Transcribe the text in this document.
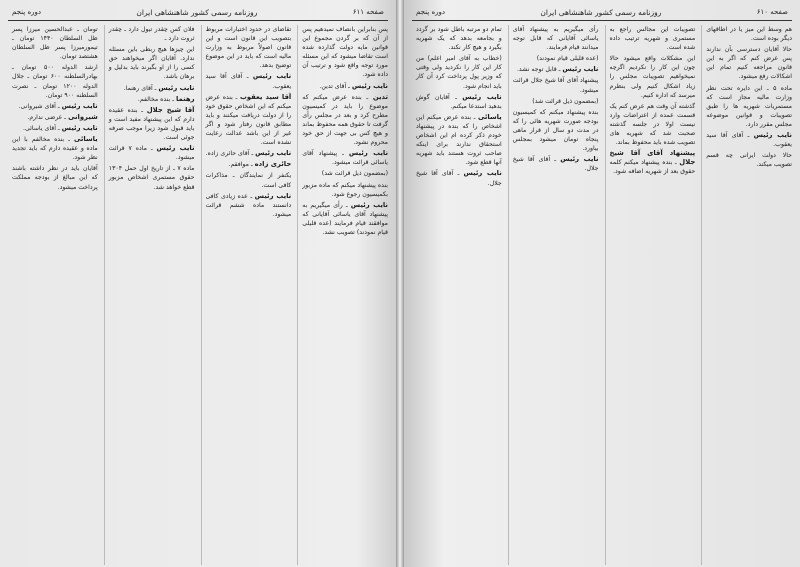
صفحه ۶۱۱
روزنامه رسمی کشور شاهنشاهی ایران
دوره پنجم

پس بنابراین بانصاف نمیدهیم پس از آن که بر گردن مجموع این قوانین مایه دولت گذارده شده است تقاضا میشود که این مسئله مورد توجه واقع شود و ترتیب آن داده شود.

نایب رئیس ـ آقای تدین.

تدین ـ بنده عرض میکنم که موضوع را باید در کمیسیون مطرح کرد و بعد در مجلس رأی گرفت تا حقوق همه محفوظ بماند و هیچ کس بی جهت از حق خود محروم نشود.

نایب رئیس ـ پیشنهاد آقای یاسائی قرائت میشود.

(بمضمون ذیل قرائت شد)

بنده پیشنهاد میکنم که ماده مزبور بکمیسیون رجوع شود.

نایب رئیس ـ رأی میگیریم به پیشنهاد آقای یاسائی آقایانی که موافقند قیام فرمایند (عده قلیلی قیام نمودند) تصویب نشد.

تقاضای در حدود اختیارات مربوط بتصویب این قانون است و این قانون اصولاً مربوط به وزارت مالیه است که باید در این موضوع توضیح بدهد.

نایب رئیس ـ آقای آقا سید یعقوب.

آقا سید یعقوب ـ بنده عرض میکنم که این اشخاص حقوق خود را از دولت دریافت میکنند و باید مطابق قانون رفتار شود و اگر غیر از این باشد عدالت رعایت نشده است.

نایب رئیس ـ آقای حائری زاده.

حائری زاده ـ موافقم.

یکنفر از نمایندگان ـ مذاکرات کافی است.

نایب رئیس ـ عده زیادی کافی دانستند ماده ششم قرائت میشود.

فلان کس چقدر تیول دارد ـ چقدر ثروت دارد ـ

این چیزها هیچ ربطی باین مسئله ندارد. آقایان اگر میخواهند حق کسی را از او بگیرند باید بدلیل و برهان باشد.

نایب رئیس ـ آقای رهنما.

رهنما ـ بنده مخالفم.

آقا شیخ جلال ـ بنده عقیده دارم که این پیشنهاد مفید است و باید قبول شود زیرا موجب صرفه جوئی است.

نایب رئیس ـ ماده ۷ قرائت میشود.

ماده ۷ ـ از تاریخ اول حمل ۱۳۰۴ حقوق مستمری اشخاص مزبور قطع خواهد شد.

تومان ـ عبدالحسین میرزا پسر ظل السلطان ۱۴۴۰ تومان ـ تیمورمیرزا پسر ظل السلطان هشتصد تومان.

ارشد الدوله ۵۰۰ تومان ـ بهادرالسلطنه ۶۰۰ تومان ـ جلال الدوله ۱۲۰۰ تومان ـ نصرت السلطنه ۹۰۰ تومان.

نایب رئیس ـ آقای شیروانی.

شیروانی ـ عرضی ندارم.

نایب رئیس ـ آقای یاسائی.

یاسائی ـ بنده مخالفم با این ماده و عقیده دارم که باید تجدید نظر شود.

آقایان باید در نظر داشته باشند که این مبالغ از بودجه مملکت پرداخت میشود.

صفحه ۶۱۰
روزنامه رسمی کشور شاهنشاهی ایران
دوره پنجم

هم وسط این میز یا در اطاقهای دیگر بوده است.

حالا آقایان دسترسی بآن ندارند پس عرض کنم که اگر به این قانون مراجعه کنیم تمام این اشکالات رفع میشود.

ماده ۵ ـ این دایره تحت نظر وزارت مالیه مجاز است که مستمریات شهریه ها را طبق تصویبات و قوانین موضوعه مجلس مقرر دارد.

نایب رئیس ـ آقای آقا سید یعقوب.

حالا دولت ایرانی چه قسم تصویب میکند.

تصویبات این مجالس راجع به مستمری و شهریه ترتیب داده شده است.

این مشکلات واقع میشود حالا چون این کار را نکردیم اگرچه نمیخواهیم تصویبات مجلس را زیاد اشکال کنیم ولی بنظرم میرسد که اداره کنیم.

گذشته آن وقت هم عرض کنم یک قسمت عمده از اعتراضات وارد نیست اولا در جلسه گذشته صحبت شد که شهریه های تصویب شده باید محفوظ بماند.

پیشنهاد آقای آقا شیخ جلال ـ بنده پیشنهاد میکنم کلمه حقوق بعد از شهریه اضافه شود.

رأی میگیریم به پیشنهاد آقای یاسائی آقایانی که قابل توجه میدانند قیام فرمایند.

(عده قلیلی قیام نمودند)

نایب رئیس ـ قابل توجه نشد.

پیشنهاد آقای آقا شیخ جلال قرائت میشود.

(بمضمون ذیل قرائت شد)

بنده پیشنهاد میکنم که کمیسیون بودجه صورت شهریه هائی را که در مدت دو سال از قرار ماهی پنجاه تومان میشود بمجلس بیاورد.

نایب رئیس ـ آقای آقا شیخ جلال.

تمام دو مرتبه باطل شود بر گردد و بجامعه بدهد که یک شهریه بگیرد و هیچ کار نکند.

(خطاب به آقای امیر اعلم) من کار این کار را نکردید ولی وقتی که وزیر پول پرداخت کرد آن کار باید انجام شود.

نایب رئیس ـ آقایان گوش بدهید استدعا میکنم.

یاسائی ـ بنده عرض میکنم این اشخاص را که بنده در پیشنهاد خودم ذکر کرده ام این اشخاص استحقاق ندارند برای اینکه صاحب ثروت هستند باید شهریه آنها قطع شود.

نایب رئیس ـ آقای آقا شیخ جلال.
